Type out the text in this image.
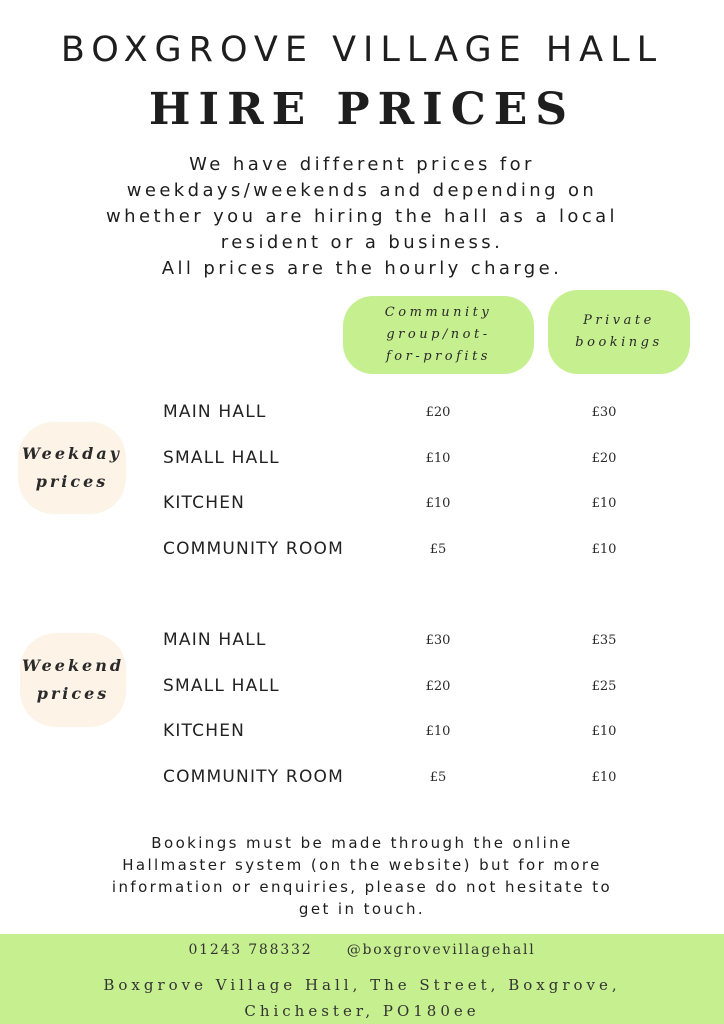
BOXGROVE VILLAGE HALL
HIRE PRICES
We have different prices for
weekdays/weekends and depending on
whether you are hiring the hall as a local
resident or a business.
All prices are the hourly charge.
Community
group/not-
for-profits
Private
bookings
Weekday
prices
MAIN HALL	£20	£30
SMALL HALL	£10	£20
KITCHEN	£10	£10
COMMUNITY ROOM	£5	£10
Weekend
prices
MAIN HALL	£30	£35
SMALL HALL	£20	£25
KITCHEN	£10	£10
COMMUNITY ROOM	£5	£10
Bookings must be made through the online
Hallmaster system (on the website) but for more
information or enquiries, please do not hesitate to
get in touch.
01243 788332 @boxgrovevillagehall
Boxgrove Village Hall, The Street, Boxgrove,
Chichester, PO180ee
